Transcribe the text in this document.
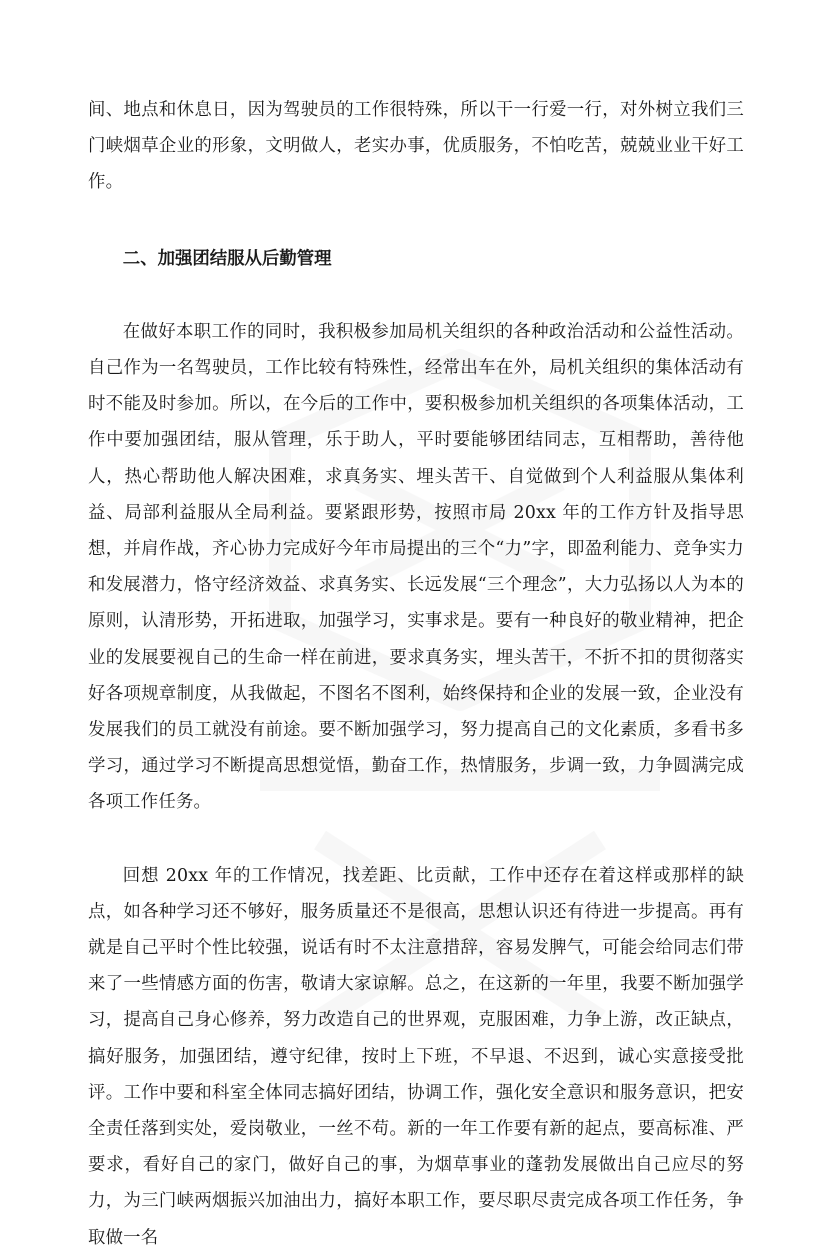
间、地点和休息日，因为驾驶员的工作很特殊，所以干一行爱一行，对外树立我们三门峡烟草企业的形象，文明做人，老实办事，优质服务，不怕吃苦，兢兢业业干好工作。

二、加强团结服从后勤管理

在做好本职工作的同时，我积极参加局机关组织的各种政治活动和公益性活动。自己作为一名驾驶员，工作比较有特殊性，经常出车在外，局机关组织的集体活动有时不能及时参加。所以，在今后的工作中，要积极参加机关组织的各项集体活动，工作中要加强团结，服从管理，乐于助人，平时要能够团结同志，互相帮助，善待他人，热心帮助他人解决困难，求真务实、埋头苦干、自觉做到个人利益服从集体利益、局部利益服从全局利益。要紧跟形势，按照市局 20xx 年的工作方针及指导思想，并肩作战，齐心协力完成好今年市局提出的三个“力”字，即盈利能力、竞争实力和发展潜力，恪守经济效益、求真务实、长远发展“三个理念”，大力弘扬以人为本的原则，认清形势，开拓进取，加强学习，实事求是。要有一种良好的敬业精神，把企业的发展要视自己的生命一样在前进，要求真务实，埋头苦干，不折不扣的贯彻落实好各项规章制度，从我做起，不图名不图利，始终保持和企业的发展一致，企业没有发展我们的员工就没有前途。要不断加强学习，努力提高自己的文化素质，多看书多学习，通过学习不断提高思想觉悟，勤奋工作，热情服务，步调一致，力争圆满完成各项工作任务。

回想 20xx 年的工作情况，找差距、比贡献，工作中还存在着这样或那样的缺点，如各种学习还不够好，服务质量还不是很高，思想认识还有待进一步提高。再有就是自己平时个性比较强，说话有时不太注意措辞，容易发脾气，可能会给同志们带来了一些情感方面的伤害，敬请大家谅解。总之，在这新的一年里，我要不断加强学习，提高自己身心修养，努力改造自己的世界观，克服困难，力争上游，改正缺点，搞好服务，加强团结，遵守纪律，按时上下班，不早退、不迟到，诚心实意接受批评。工作中要和科室全体同志搞好团结，协调工作，强化安全意识和服务意识，把安全责任落到实处，爱岗敬业，一丝不苟。新的一年工作要有新的起点，要高标准、严要求，看好自己的家门，做好自己的事，为烟草事业的蓬勃发展做出自己应尽的努力，为三门峡两烟振兴加油出力，搞好本职工作，要尽职尽责完成各项工作任务，争取做一名
